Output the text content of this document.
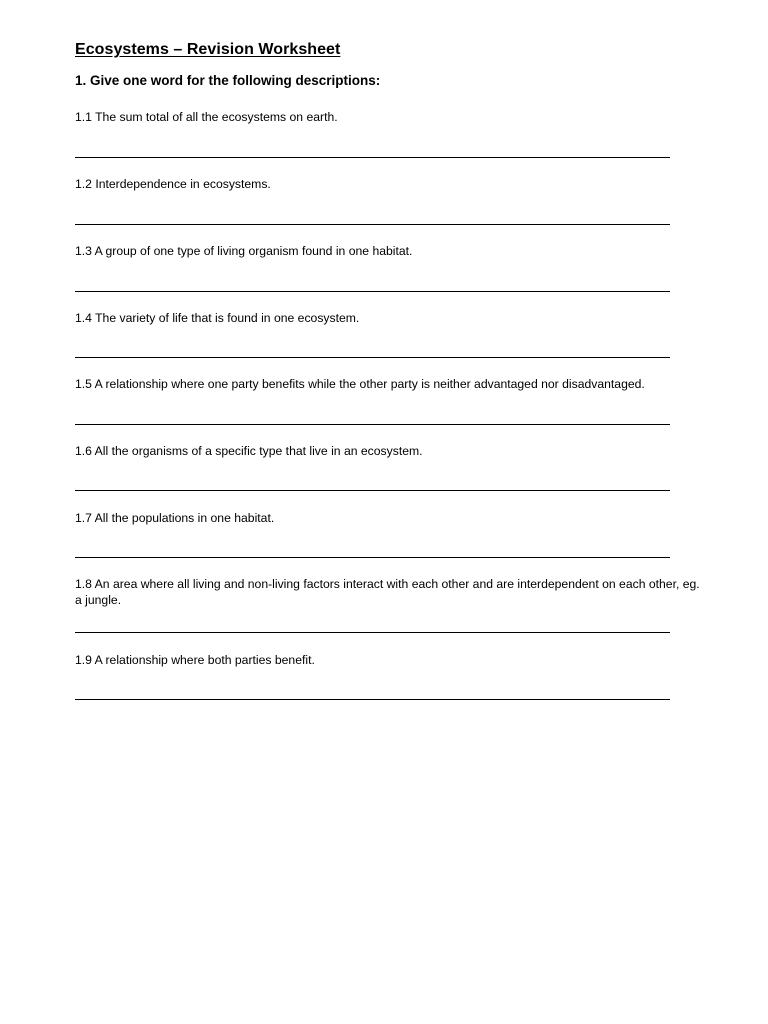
Ecosystems – Revision Worksheet
1. Give one word for the following descriptions:
1.1 The sum total of all the ecosystems on earth.
1.2 Interdependence in ecosystems.
1.3 A group of one type of living organism found in one habitat.
1.4 The variety of life that is found in one ecosystem.
1.5 A relationship where one party benefits while the other party is neither advantaged nor disadvantaged.
1.6 All the organisms of a specific type that live in an ecosystem.
1.7 All the populations in one habitat.
1.8 An area where all living and non-living factors interact with each other and are interdependent on each other, eg. a jungle.
1.9 A relationship where both parties benefit.
